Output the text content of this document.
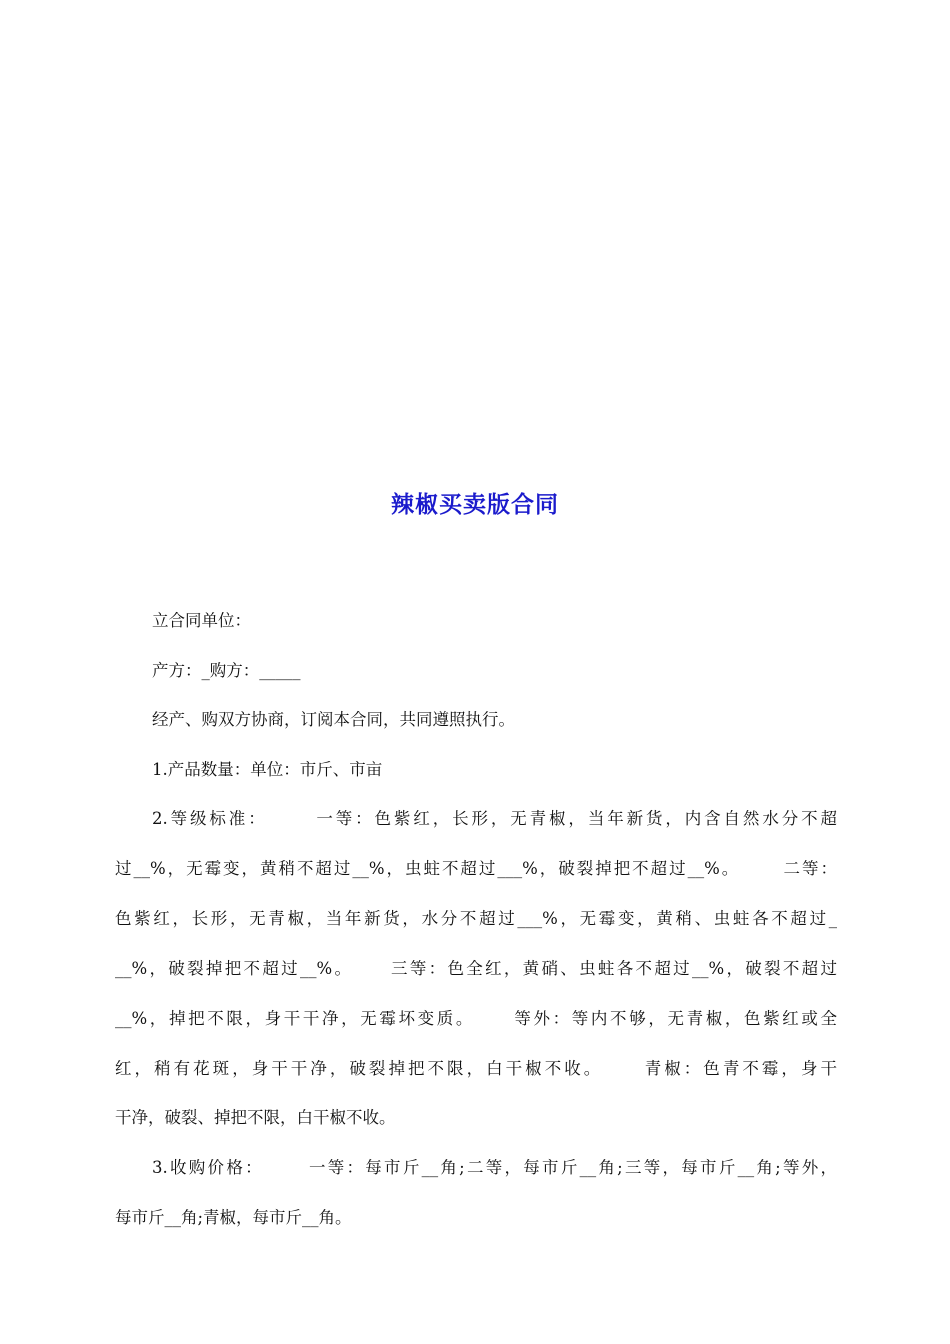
辣椒买卖版合同
立合同单位：
产方：_购方：_____
经产、购双方协商，订阅本合同，共同遵照执行。
1.产品数量：单位：市斤、市亩
2.等级标准：      一等：色紫红，长形，无青椒，当年新货，内含自然水分不超
过__%，无霉变，黄稍不超过__%，虫蛀不超过___%，破裂掉把不超过__%。      二等：
色紫红，长形，无青椒，当年新货，水分不超过___%，无霉变，黄稍、虫蛀各不超过_
__%，破裂掉把不超过__%。     三等：色全红，黄硝、虫蛀各不超过__%，破裂不超过
__%，掉把不限，身干干净，无霉坏变质。     等外：等内不够，无青椒，色紫红或全
红，稍有花斑，身干干净，破裂掉把不限，白干椒不收。     青椒：色青不霉，身干
干净，破裂、掉把不限，白干椒不收。
3.收购价格：      一等：每市斤__角;二等，每市斤__角;三等，每市斤__角;等外，
每市斤__角;青椒，每市斤__角。
